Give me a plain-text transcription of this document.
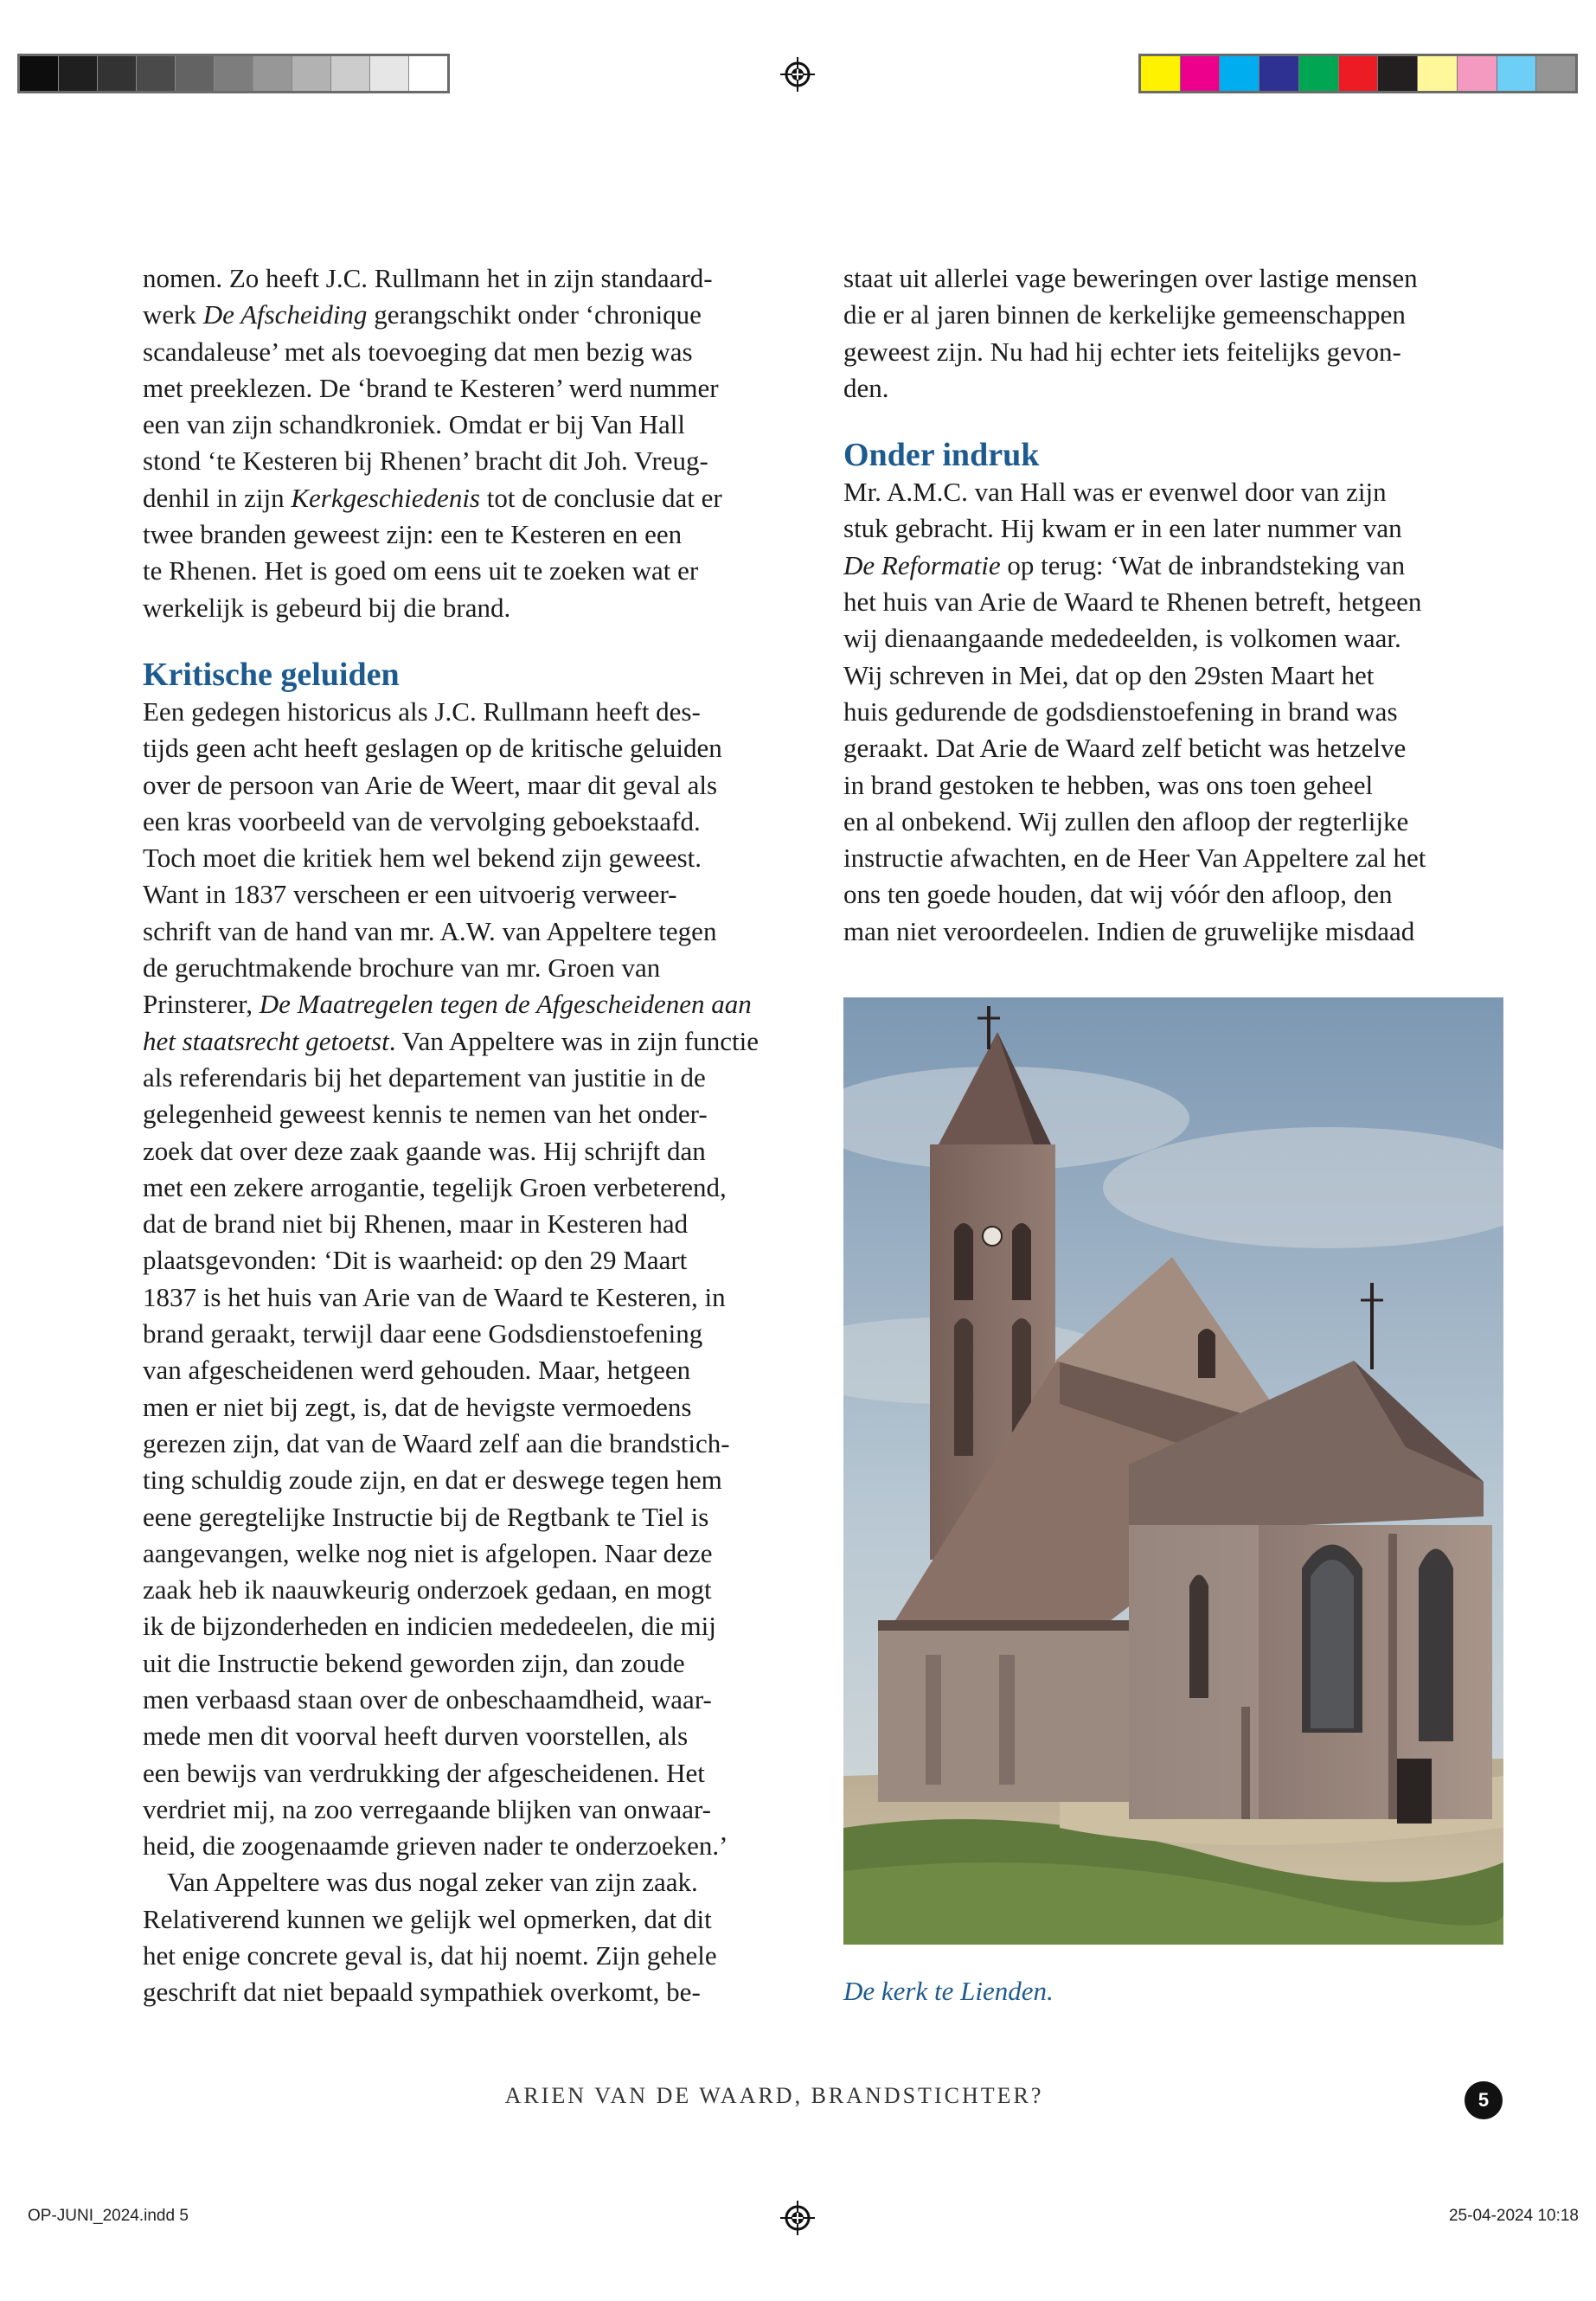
nomen. Zo heeft J.C. Rullmann het in zijn standaard-

werk De Afscheiding gerangschikt onder ‘chronique

scandaleuse’ met als toevoeging dat men bezig was

met preeklezen. De ‘brand te Kesteren’ werd nummer

een van zijn schandkroniek. Omdat er bij Van Hall

stond ‘te Kesteren bij Rhenen’ bracht dit Joh. Vreug-

denhil in zijn Kerkgeschiedenis tot de conclusie dat er

twee branden geweest zijn: een te Kesteren en een

te Rhenen. Het is goed om eens uit te zoeken wat er

werkelijk is gebeurd bij die brand.

Kritische geluiden

Een gedegen historicus als J.C. Rullmann heeft des-

tijds geen acht heeft geslagen op de kritische geluiden

over de persoon van Arie de Weert, maar dit geval als

een kras voorbeeld van de vervolging geboekstaafd.

Toch moet die kritiek hem wel bekend zijn geweest.

Want in 1837 verscheen er een uitvoerig verweer-

schrift van de hand van mr. A.W. van Appeltere tegen

de geruchtmakende brochure van mr. Groen van

Prinsterer, De Maatregelen tegen de Afgescheidenen aan

het staatsrecht getoetst. Van Appeltere was in zijn functie

als referendaris bij het departement van justitie in de

gelegenheid geweest kennis te nemen van het onder-

zoek dat over deze zaak gaande was. Hij schrijft dan

met een zekere arrogantie, tegelijk Groen verbeterend,

dat de brand niet bij Rhenen, maar in Kesteren had

plaatsgevonden: ‘Dit is waarheid: op den 29 Maart

1837 is het huis van Arie van de Waard te Kesteren, in

brand geraakt, terwijl daar eene Godsdienstoefening

van afgescheidenen werd gehouden. Maar, hetgeen

men er niet bij zegt, is, dat de hevigste vermoedens

gerezen zijn, dat van de Waard zelf aan die brandstich-

ting schuldig zoude zijn, en dat er deswege tegen hem

eene geregtelijke Instructie bij de Regtbank te Tiel is

aangevangen, welke nog niet is afgelopen. Naar deze

zaak heb ik naauwkeurig onderzoek gedaan, en mogt

ik de bijzonderheden en indicien mededeelen, die mij

uit die Instructie bekend geworden zijn, dan zoude

men verbaasd staan over de onbeschaamdheid, waar-

mede men dit voorval heeft durven voorstellen, als

een bewijs van verdrukking der afgescheidenen. Het

verdriet mij, na zoo verregaande blijken van onwaar-

heid, die zoogenaamde grieven nader te onderzoeken.’

Van Appeltere was dus nogal zeker van zijn zaak.

Relativerend kunnen we gelijk wel opmerken, dat dit

het enige concrete geval is, dat hij noemt. Zijn gehele

geschrift dat niet bepaald sympathiek overkomt, be-

staat uit allerlei vage beweringen over lastige mensen

die er al jaren binnen de kerkelijke gemeenschappen

geweest zijn. Nu had hij echter iets feitelijks gevon-

den.

Onder indruk

Mr. A.M.C. van Hall was er evenwel door van zijn

stuk gebracht. Hij kwam er in een later nummer van

De Reformatie op terug: ‘Wat de inbrandsteking van

het huis van Arie de Waard te Rhenen betreft, hetgeen

wij dienaangaande mededeelden, is volkomen waar.

Wij schreven in Mei, dat op den 29sten Maart het

huis gedurende de godsdienstoefening in brand was

geraakt. Dat Arie de Waard zelf beticht was hetzelve

in brand gestoken te hebben, was ons toen geheel

en al onbekend. Wij zullen den afloop der regterlijke

instructie afwachten, en de Heer Van Appeltere zal het

ons ten goede houden, dat wij vóór den afloop, den

man niet veroordeelen. Indien de gruwelijke misdaad

De kerk te Lienden.
ARIEN VAN DE WAARD, BRANDSTICHTER?	5
OP-JUNI_2024.indd 5	25-04-2024 10:18
